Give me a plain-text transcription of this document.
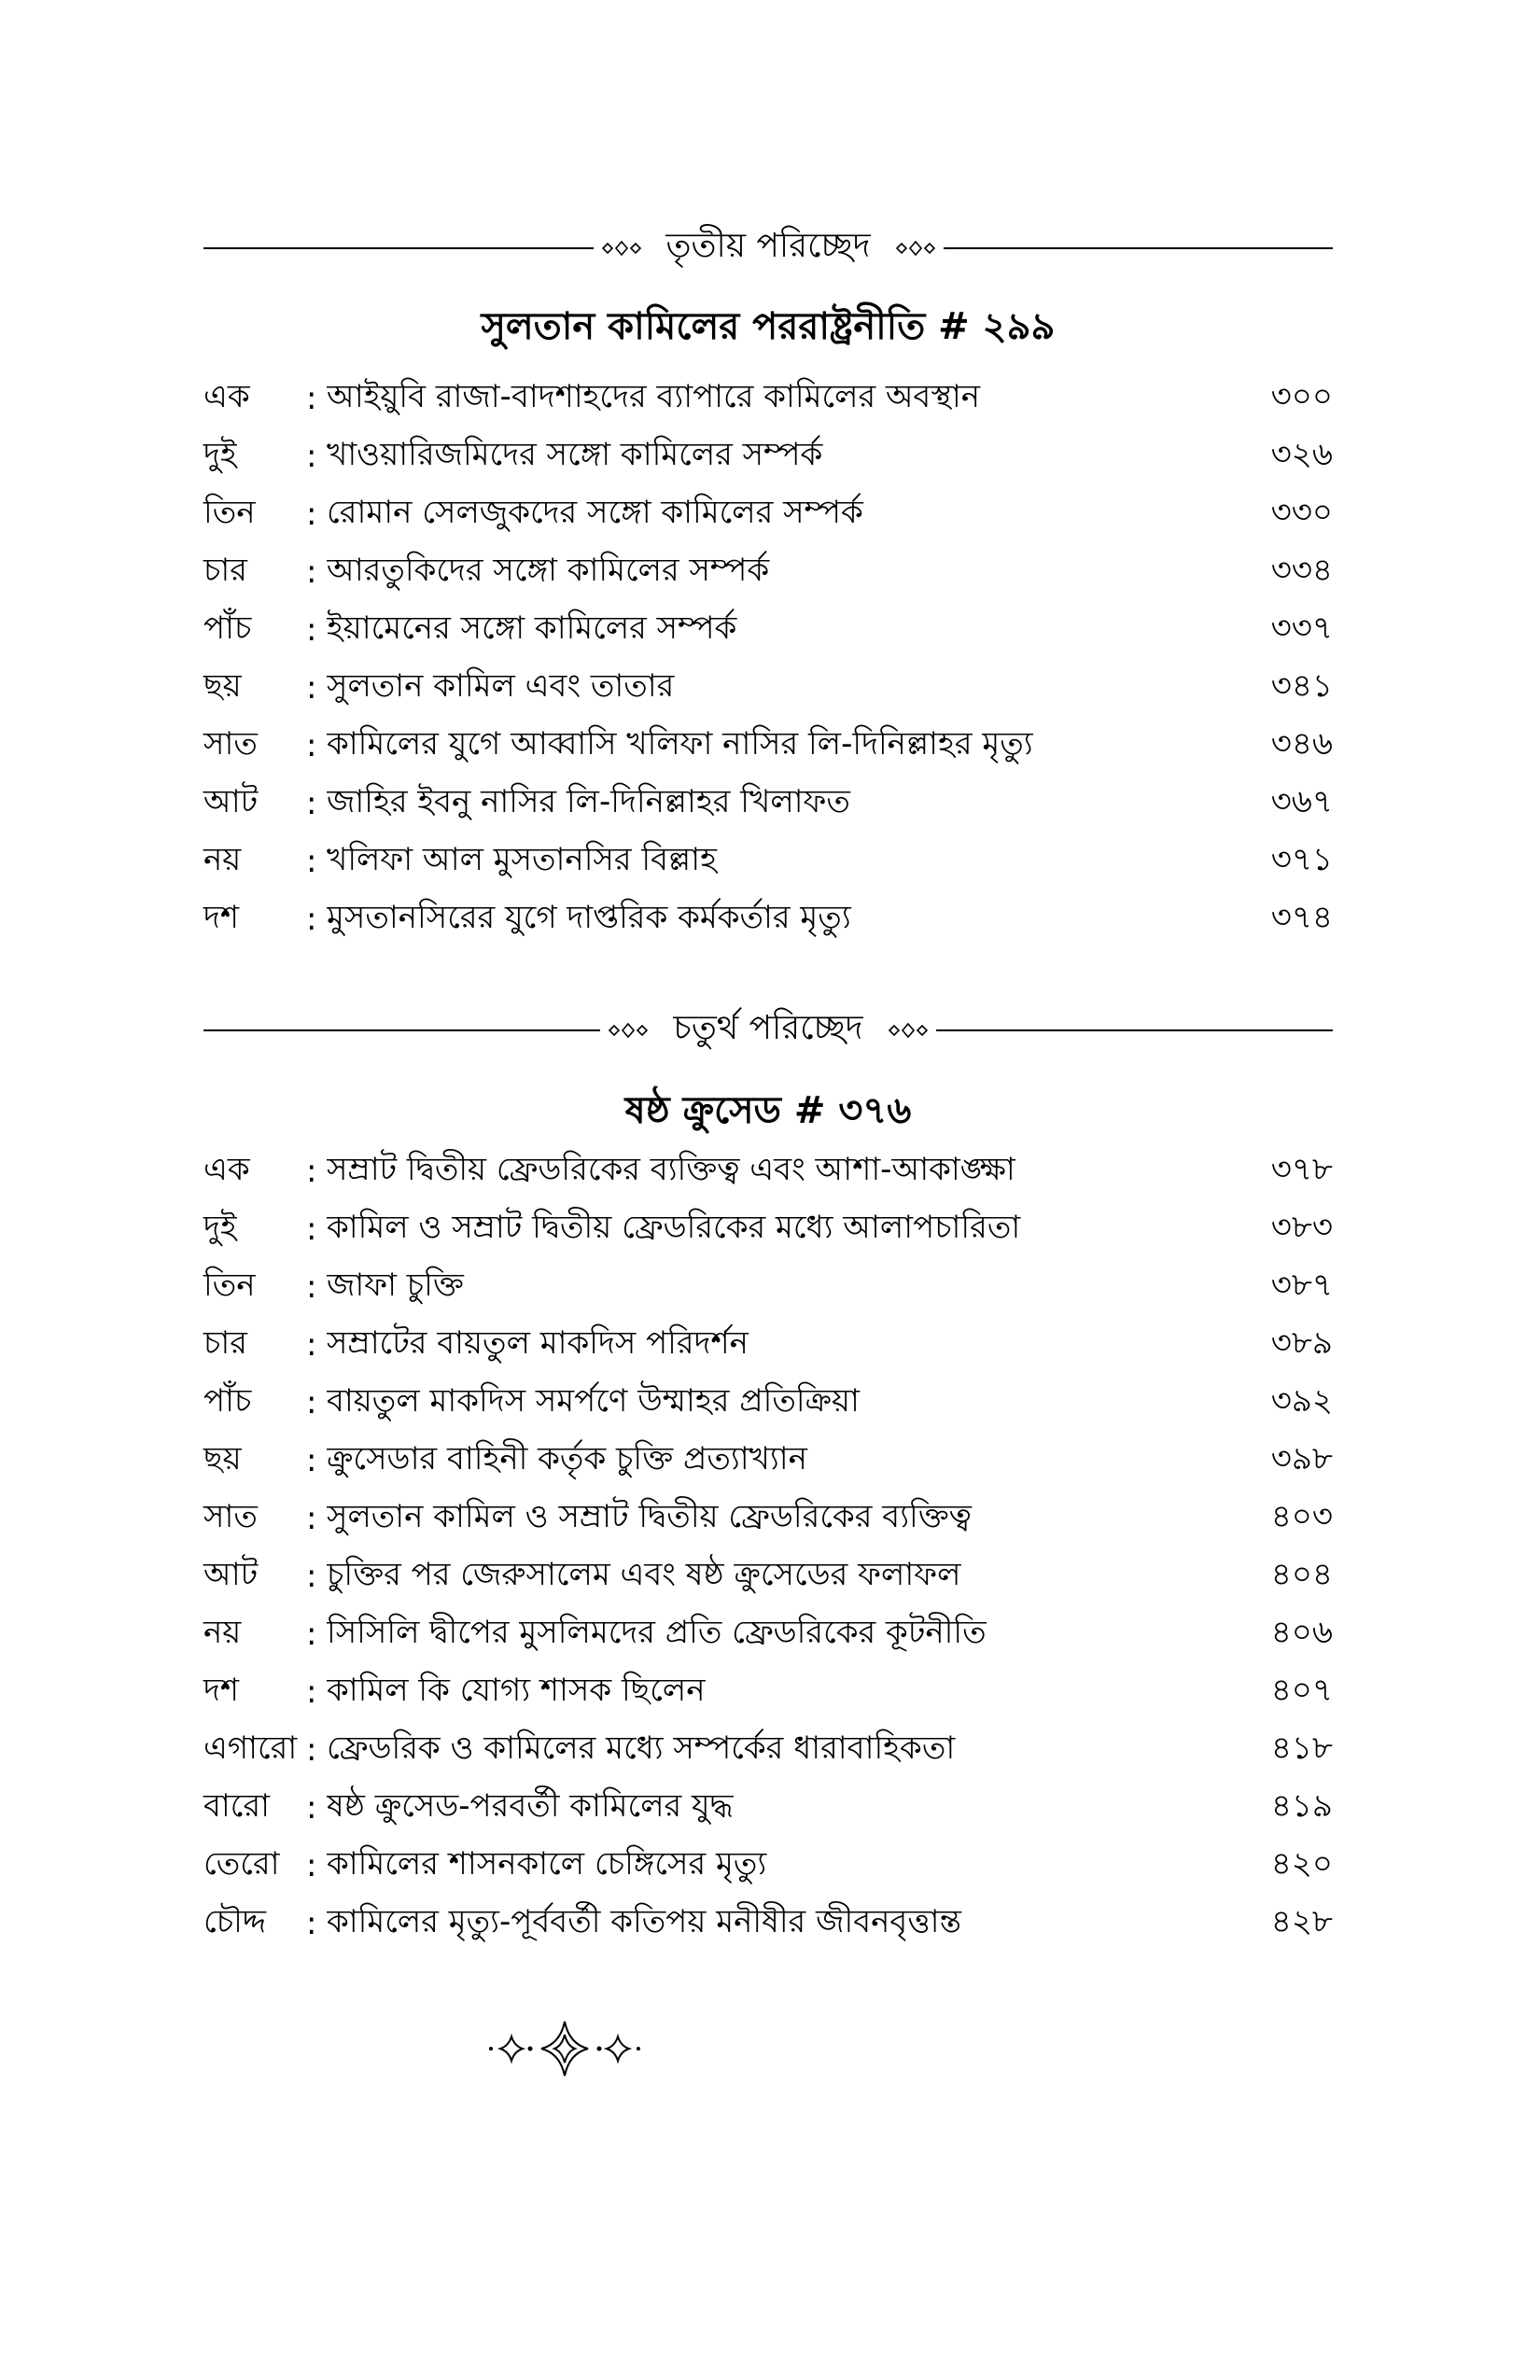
তৃতীয় পরিচ্ছেদ
সুলতান কামিলের পররাষ্ট্রনীতি # ২৯৯
এক	: আইয়ুবি রাজা-বাদশাহদের ব্যাপারে কামিলের অবস্থান	৩০০
দুই	: খাওয়ারিজমিদের সঙ্গো কামিলের সম্পর্ক	৩২৬
তিন	: রোমান সেলজুকদের সঙ্গো কামিলের সম্পর্ক	৩৩০
চার	: আরতুকিদের সঙ্গো কামিলের সম্পর্ক	৩৩৪
পাঁচ	: ইয়ামেনের সঙ্গো কামিলের সম্পর্ক	৩৩৭
ছয়	: সুলতান কামিল এবং তাতার	৩৪১
সাত	: কামিলের যুগে আব্বাসি খলিফা নাসির লি-দিনিল্লাহর মৃত্যু	৩৪৬
আট	: জাহির ইবনু নাসির লি-দিনিল্লাহর খিলাফত	৩৬৭
নয়	: খলিফা আল মুসতানসির বিল্লাহ	৩৭১
দশ	: মুসতানসিরের যুগে দাপ্তরিক কর্মকর্তার মৃত্যু	৩৭৪
চতুর্থ পরিচ্ছেদ
ষষ্ঠ ক্রুসেড # ৩৭৬
এক	: সম্রাট দ্বিতীয় ফ্রেডরিকের ব্যক্তিত্ব এবং আশা-আকাঙ্ক্ষা	৩৭৮
দুই	: কামিল ও সম্রাট দ্বিতীয় ফ্রেডরিকের মধ্যে আলাপচারিতা	৩৮৩
তিন	: জাফা চুক্তি	৩৮৭
চার	: সম্রাটের বায়তুল মাকদিস পরিদর্শন	৩৮৯
পাঁচ	: বায়তুল মাকদিস সমর্পণে উম্মাহর প্রতিক্রিয়া	৩৯২
ছয়	: ক্রুসেডার বাহিনী কর্তৃক চুক্তি প্রত্যাখ্যান	৩৯৮
সাত	: সুলতান কামিল ও সম্রাট দ্বিতীয় ফ্রেডরিকের ব্যক্তিত্ব	৪০৩
আট	: চুক্তির পর জেরুসালেম এবং ষষ্ঠ ক্রুসেডের ফলাফল	৪০৪
নয়	: সিসিলি দ্বীপের মুসলিমদের প্রতি ফ্রেডরিকের কূটনীতি	৪০৬
দশ	: কামিল কি যোগ্য শাসক ছিলেন	৪০৭
এগারো : ফ্রেডরিক ও কামিলের মধ্যে সম্পর্কের ধারাবাহিকতা	৪১৮
বারো	: ষষ্ঠ ক্রুসেড-পরবর্তী কামিলের যুদ্ধ	৪১৯
তেরো : কামিলের শাসনকালে চেঙ্গিসের মৃত্যু	৪২০
চৌদ্দ	: কামিলের মৃত্যু-পূর্ববর্তী কতিপয় মনীষীর জীবনবৃত্তান্ত	৪২৮
